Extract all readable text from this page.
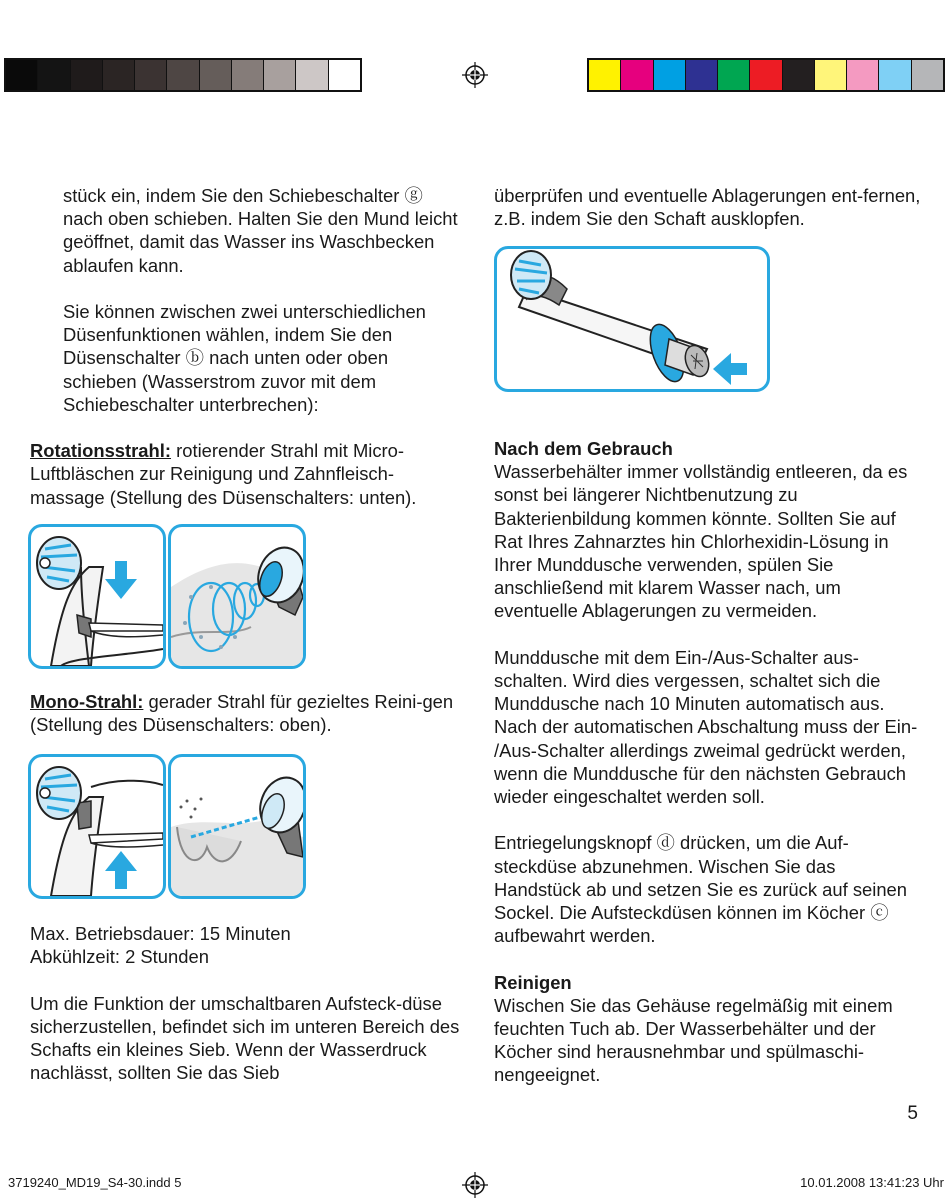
stück ein, indem Sie den Schiebeschalter ⓖ nach oben schieben. Halten Sie den Mund leicht geöffnet, damit das Wasser ins Waschbecken ablaufen kann.

Sie können zwischen zwei unterschiedlichen Düsenfunktionen wählen, indem Sie den Düsenschalter ⓑ nach unten oder oben schieben (Wasserstrom zuvor mit dem Schiebeschalter unterbrechen):

Rotationsstrahl: rotierender Strahl mit Micro-Luftbläschen zur Reinigung und Zahnfleisch-massage (Stellung des Düsenschalters: unten).

Mono-Strahl: gerader Strahl für gezieltes Reini-gen (Stellung des Düsenschalters: oben).

Max. Betriebsdauer: 15 Minuten

Abkühlzeit: 2 Stunden

Um die Funktion der umschaltbaren Aufsteck-düse sicherzustellen, befindet sich im unteren Bereich des Schafts ein kleines Sieb. Wenn der Wasserdruck nachlässt, sollten Sie das Sieb

überprüfen und eventuelle Ablagerungen ent-fernen, z.B. indem Sie den Schaft ausklopfen.

Nach dem Gebrauch

Wasserbehälter immer vollständig entleeren, da es sonst bei längerer Nichtbenutzung zu Bakterienbildung kommen könnte. Sollten Sie auf Rat Ihres Zahnarztes hin Chlorhexidin-Lösung in Ihrer Munddusche verwenden, spülen Sie anschließend mit klarem Wasser nach, um eventuelle Ablagerungen zu vermeiden.

Munddusche mit dem Ein-/Aus-Schalter aus-schalten. Wird dies vergessen, schaltet sich die Munddusche nach 10 Minuten automatisch aus. Nach der automatischen Abschaltung muss der Ein- /Aus-Schalter allerdings zweimal gedrückt werden, wenn die Munddusche für den nächsten Gebrauch wieder eingeschaltet werden soll.

Entriegelungsknopf ⓓ drücken, um die Auf-steckdüse abzunehmen. Wischen Sie das Handstück ab und setzen Sie es zurück auf seinen Sockel. Die Aufsteckdüsen können im Köcher ⓒ aufbewahrt werden.

Reinigen

Wischen Sie das Gehäuse regelmäßig mit einem feuchten Tuch ab. Der Wasserbehälter und der Köcher sind herausnehmbar und spülmaschi-nengeeignet.

5
3719240_MD19_S4-30.indd 5	10.01.2008 13:41:23 Uhr
